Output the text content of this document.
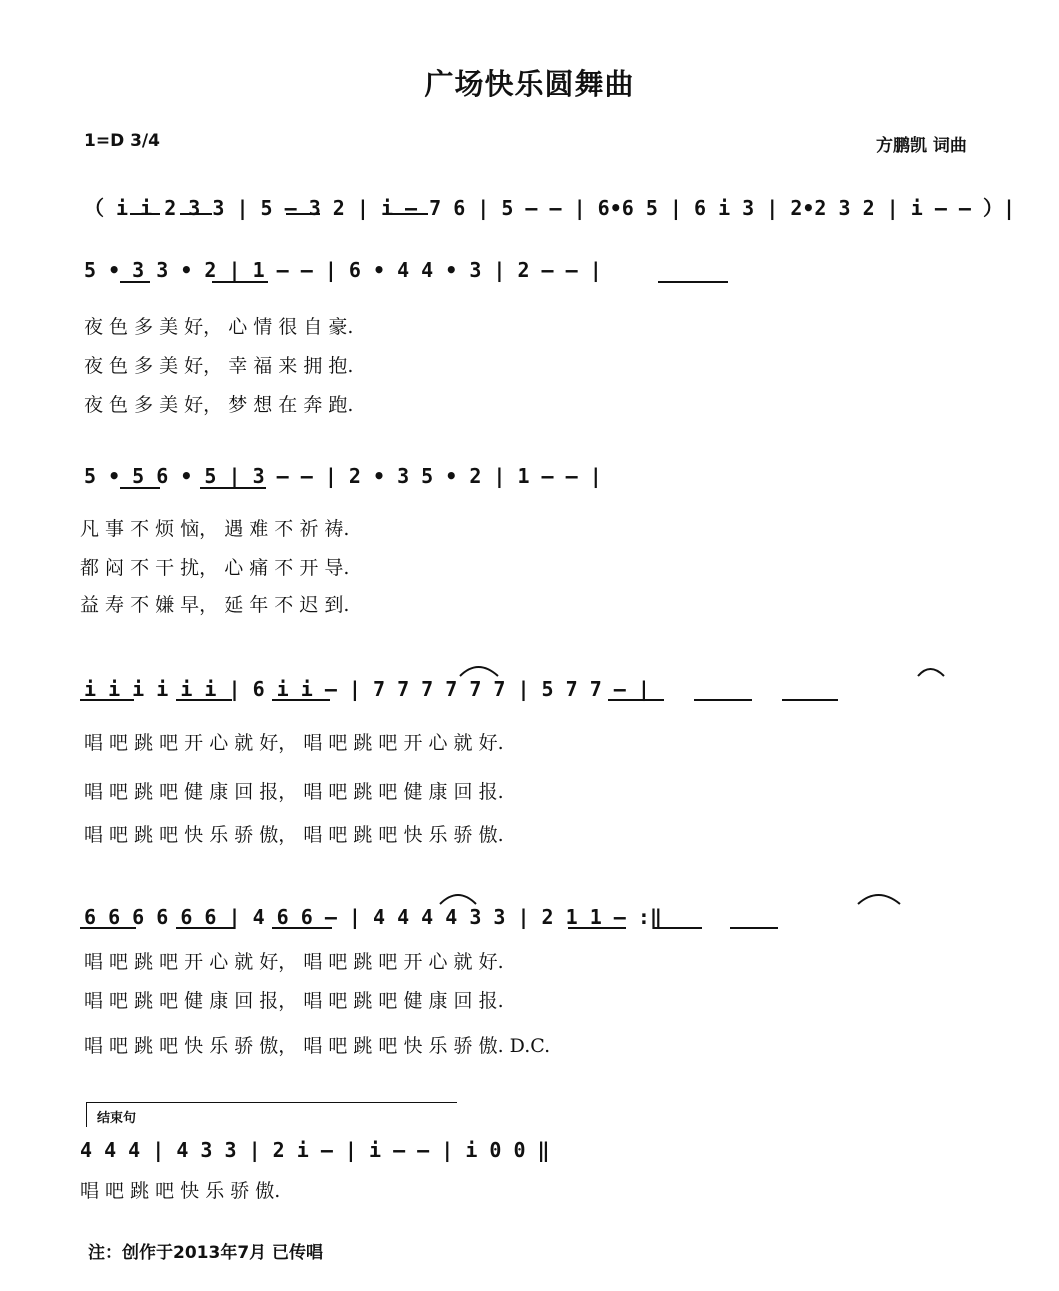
广场快乐圆舞曲
1=D 3/4	方鹏凯 词曲
（ i i 2 3 3 | 5 – 3 2 | i – 7 6 | 5 – – | 6•6 5 | 6 i 3 | 2•2 3 2 | i – – ）|
5 • 3 3 • 2 | 1 – – | 6 • 4 4 • 3 | 2 – – |
夜 色 多 美 好， 心 情 很 自 豪.
夜 色 多 美 好， 幸 福 来 拥 抱.
夜 色 多 美 好， 梦 想 在 奔 跑.
5 • 5 6 • 5 | 3 – – | 2 • 3 5 • 2 | 1 – – |
凡 事 不 烦 恼， 遇 难 不 祈 祷.
都 闷 不 干 扰， 心 痛 不 开 导.
益 寿 不 嫌 早， 延 年 不 迟 到.
i i i i i i | 6 i i – | 7 7 7 7 7 7 | 5 7 7 – |
唱 吧 跳 吧 开 心 就 好， 唱 吧 跳 吧 开 心 就 好.
唱 吧 跳 吧 健 康 回 报， 唱 吧 跳 吧 健 康 回 报.
唱 吧 跳 吧 快 乐 骄 傲， 唱 吧 跳 吧 快 乐 骄 傲.
6 6 6 6 6 6 | 4 6 6 – | 4 4 4 4 3 3 | 2 1 1 – :‖
唱 吧 跳 吧 开 心 就 好， 唱 吧 跳 吧 开 心 就 好.
唱 吧 跳 吧 健 康 回 报， 唱 吧 跳 吧 健 康 回 报.
唱 吧 跳 吧 快 乐 骄 傲， 唱 吧 跳 吧 快 乐 骄 傲. D.C.
结束句
4 4 4 | 4 3 3 | 2 i – | i – – | i 0 0 ‖
唱 吧 跳 吧 快 乐 骄 傲.
注：创作于2013年7月 已传唱
